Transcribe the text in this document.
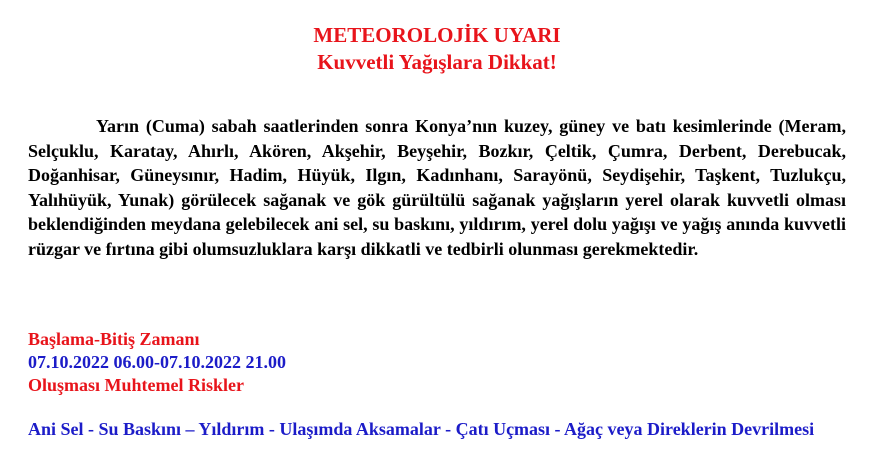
METEOROLOJİK UYARI

Kuvvetli Yağışlara Dikkat!

Yarın (Cuma) sabah saatlerinden sonra Konya’nın kuzey, güney ve batı kesimlerinde (Meram, Selçuklu, Karatay, Ahırlı, Akören, Akşehir, Beyşehir, Bozkır, Çeltik, Çumra, Derbent, Derebucak, Doğanhisar, Güneysınır, Hadim, Hüyük, Ilgın, Kadınhanı, Sarayönü, Seydişehir, Taşkent, Tuzlukçu, Yalıhüyük, Yunak) görülecek sağanak ve gök gürültülü sağanak yağışların yerel olarak kuvvetli olması beklendiğinden meydana gelebilecek ani sel, su baskını, yıldırım, yerel dolu yağışı ve yağış anında kuvvetli rüzgar ve fırtına gibi olumsuzluklara karşı dikkatli ve tedbirli olunması gerekmektedir.
Başlama-Bitiş Zamanı
07.10.2022 06.00-07.10.2022 21.00
Oluşması Muhtemel Riskler
Ani Sel - Su Baskını – Yıldırım - Ulaşımda Aksamalar - Çatı Uçması - Ağaç veya Direklerin Devrilmesi
